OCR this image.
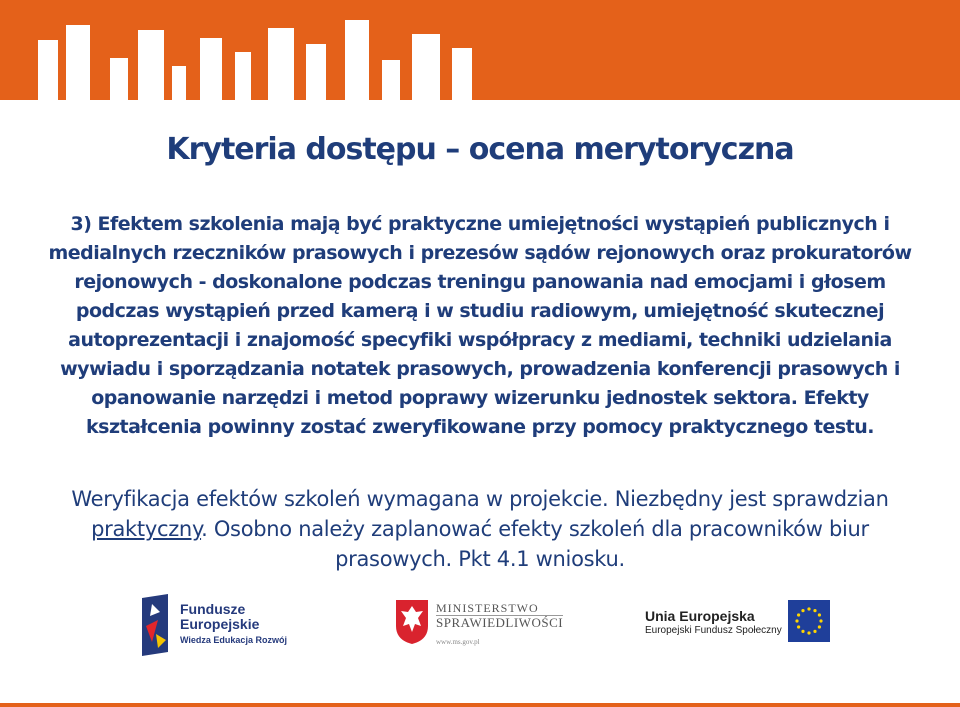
Kryteria dostępu – ocena merytoryczna
3) Efektem szkolenia mają być praktyczne umiejętności wystąpień publicznych i medialnych rzeczników prasowych i prezesów sądów rejonowych oraz prokuratorów rejonowych - doskonalone podczas treningu panowania nad emocjami i głosem podczas wystąpień przed kamerą i w studiu radiowym, umiejętność skutecznej autoprezentacji i znajomość specyfiki współpracy z mediami, techniki udzielania wywiadu i sporządzania notatek prasowych, prowadzenia konferencji prasowych i opanowanie narzędzi i metod poprawy wizerunku jednostek sektora. Efekty kształcenia powinny zostać zweryfikowane przy pomocy praktycznego testu.
Weryfikacja efektów szkoleń wymagana w projekcie. Niezbędny jest sprawdzian praktyczny. Osobno należy zaplanować efekty szkoleń dla pracowników biur prasowych. Pkt 4.1 wniosku.
Fundusze
Europejskie
Wiedza Edukacja Rozwój
MINISTERSTWO
SPRAWIEDLIWOŚCI
www.ms.gov.pl
Unia Europejska
Europejski Fundusz Społeczny
